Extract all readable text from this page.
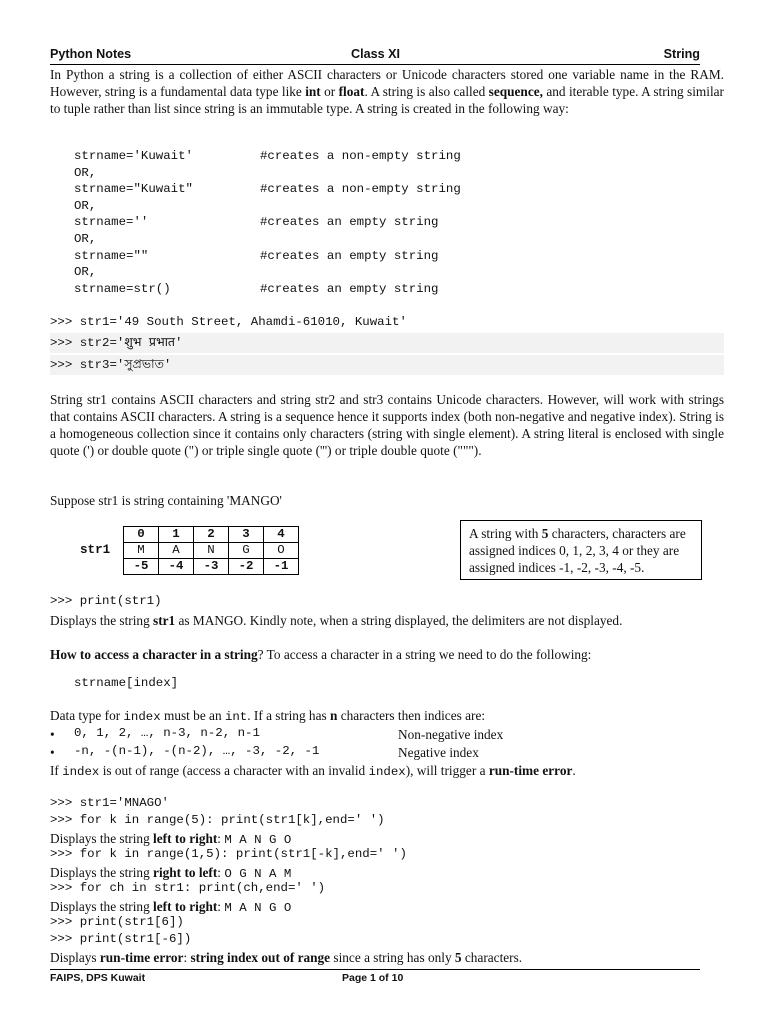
Python Notes	Class XI	String
In Python a string is a collection of either ASCII characters or Unicode characters stored one variable name in the RAM. However, string is a fundamental data type like int or float. A string is also called sequence, and iterable type. A string similar to tuple rather than list since string is an immutable type. A string is created in the following way:
strname='Kuwait'	#creates a non-empty string
OR,
strname="Kuwait"	#creates a non-empty string
OR,
strname=''	#creates an empty string
OR,
strname=""	#creates an empty string
OR,
strname=str()	#creates an empty string
>>> str1='49 South Street, Ahamdi-61010, Kuwait'
>>> str2='शुभ प्रभात'
>>> str3='সুপ্রভাত'
String str1 contains ASCII characters and string str2 and str3 contains Unicode characters. However, will work with strings that contains ASCII characters. A string is a sequence hence it supports index (both non-negative and negative index). String is a homogeneous collection since it contains only characters (string with single element). A string literal is enclosed with single quote (') or double quote (") or triple single quote (''') or triple double quote (""").
Suppose str1 is string containing 'MANGO'
str1
0	1	2	3	4
M	A	N	G	O
-5	-4	-3	-2	-1
A string with 5 characters, characters are assigned indices 0, 1, 2, 3, 4 or they are assigned indices -1, -2, -3, -4, -5.
>>> print(str1)
Displays the string str1 as MANGO. Kindly note, when a string displayed, the delimiters are not displayed.
How to access a character in a string? To access a character in a string we need to do the following:
strname[index]
Data type for index must be an int. If a string has n characters then indices are:
• 0, 1, 2, …, n-3, n-2, n-1	Non-negative index
• -n, -(n-1), -(n-2), …, -3, -2, -1	Negative index
If index is out of range (access a character with an invalid index), will trigger a run-time error.
>>> str1='MNAGO'
>>> for k in range(5): print(str1[k],end=' ')
Displays the string left to right: M A N G O
>>> for k in range(1,5): print(str1[-k],end=' ')
Displays the string right to left: O G N A M
>>> for ch in str1: print(ch,end=' ')
Displays the string left to right: M A N G O
>>> print(str1[6])
>>> print(str1[-6])
Displays run-time error: string index out of range since a string has only 5 characters.
FAIPS, DPS Kuwait	Page 1 of 10
